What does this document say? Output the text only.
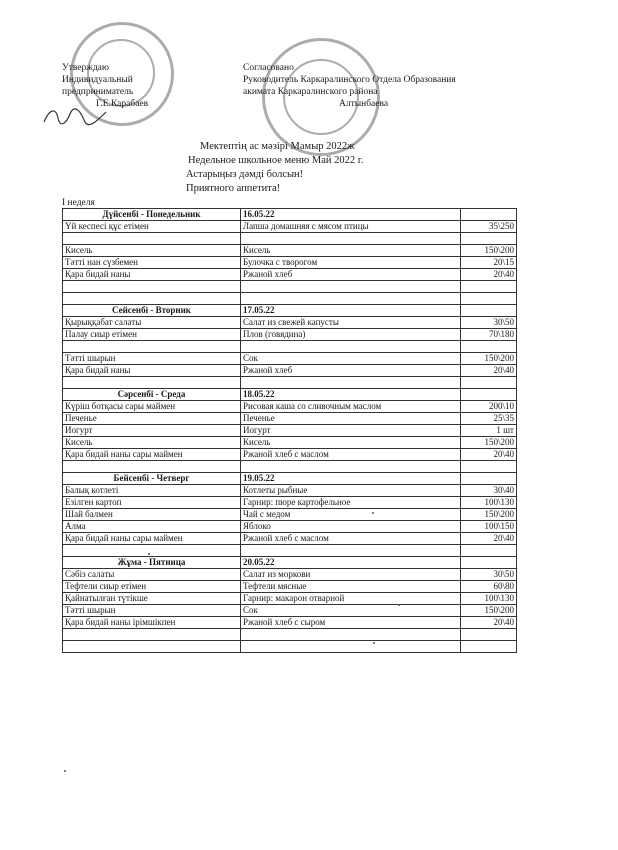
Утверждаю
Индивидуальный
предприниматель
Г.Е.Карабаев
Согласовано
Руководитель Каркаралинского Отдела Образования
акимата Каркаралинского района
Алтынбаева
Мектептің ас мәзірі Мамыр 2022ж
Недельное школьное меню Май 2022 г.
Астарыңыз дәмді болсын!
Приятного аппетита!
I неделя
Дүйсенбі - Понедельник	16.05.22	
Үй кеспесі құс етімен	Лапша домашняя с мясом птицы	35\250

Кисель	Кисель	150\200
Тәтті нан сүзбемен	Булочка с творогом	20\15
Қара бидай наны	Ржаной хлеб	20\40

Сейсенбі - Вторник	17.05.22	
Қырыққабат салаты	Салат из свежей капусты	30\50
Палау сиыр етімен	Плов (говядина)	70\180

Тәтті шырын	Сок	150\200
Қара бидай наны	Ржаной хлеб	20\40

Сәрсенбі - Среда	18.05.22	
Күріш ботқасы сары маймен	Рисовая каша со сливочным маслом	200\10
Печенье	Печенье	25\35
Иогурт	Иогурт	1 шт
Кисель	Кисель	150\200
Қара бидай наны сары маймен	Ржаной хлеб с маслом	20\40

Бейсенбі - Четверг	19.05.22	
Балық котлеті	Котлеты рыбные	30\40
Езілген картоп	Гарнир: пюре картофельное	100\130
Шай балмен	Чай с медом	150\200
Алма	Яблоко	100\150
Қара бидай наны сары маймен	Ржаной хлеб с маслом	20\40

Жұма - Пятница	20.05.22	
Сәбіз салаты	Салат из моркови	30\50
Тефтели сиыр етімен	Тефтели мясные	60\80
Қайнатылған түтікше	Гарнир: макарон отварной	100\130
Тәтті шырын	Сок	150\200
Қара бидай наны ірімшікпен	Ржаной хлеб с сыром	20\40
